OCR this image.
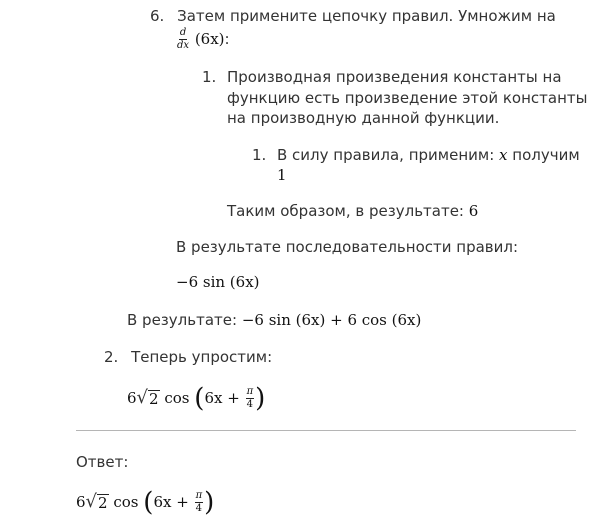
6. Затем примените цепочку правил. Умножим на
$\frac{d}{dx} (6x)$:
1. Производная произведения константы на
функцию есть произведение этой константы
на производную данной функции.
1. В силу правила, применим: x получим
1
Таким образом, в результате: 6
В результате последовательности правил:
−6 sin (6x)
В результате: −6 sin (6x) + 6 cos (6x)
2. Теперь упростим:
6 √ 2 $\cos (6x + \frac{\pi}{4}$ )
Ответ:
6 √ 2 $\cos (6x + \frac{\pi}{4}$ )
